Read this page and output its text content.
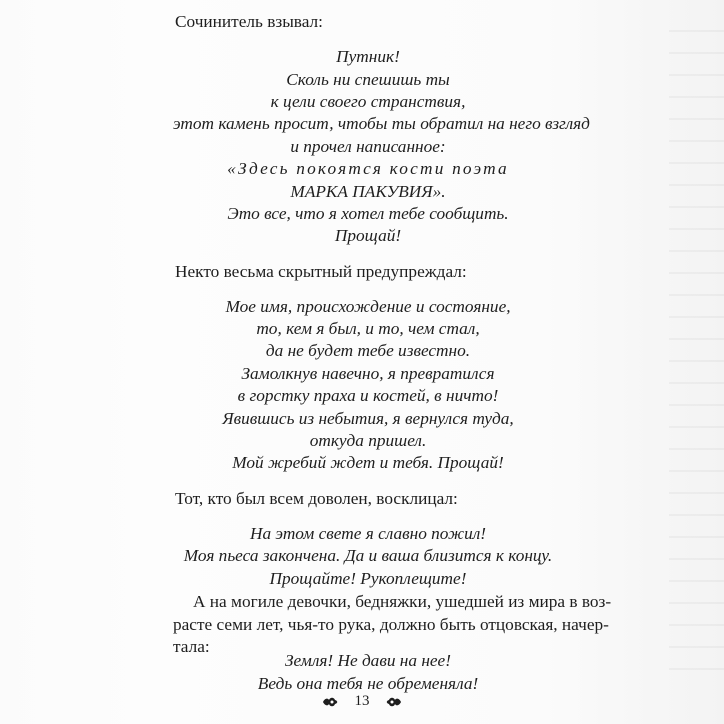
Сочинитель взывал:
Путник!
Сколь ни спешишь ты
к цели своего странствия,
этот камень просит, чтобы ты обратил на него взгляд
и прочел написанное:
«Здесь покоятся кости поэта
МАРКА ПАКУВИЯ».
Это все, что я хотел тебе сообщить.
Прощай!
Некто весьма скрытный предупреждал:
Мое имя, происхождение и состояние,
то, кем я был, и то, чем стал,
да не будет тебе известно.
Замолкнув навечно, я превратился
в горстку праха и костей, в ничто!
Явившись из небытия, я вернулся туда,
откуда пришел.
Мой жребий ждет и тебя. Прощай!
Тот, кто был всем доволен, восклицал:
На этом свете я славно пожил!
Моя пьеса закончена. Да и ваша близится к концу.
Прощайте! Рукоплещите!
А на могиле девочки, бедняжки, ушедшей из мира в воз-
расте семи лет, чья-то рука, должно быть отцовская, начер-
тала:
Земля! Не дави на нее!
Ведь она тебя не обременяла!
13
